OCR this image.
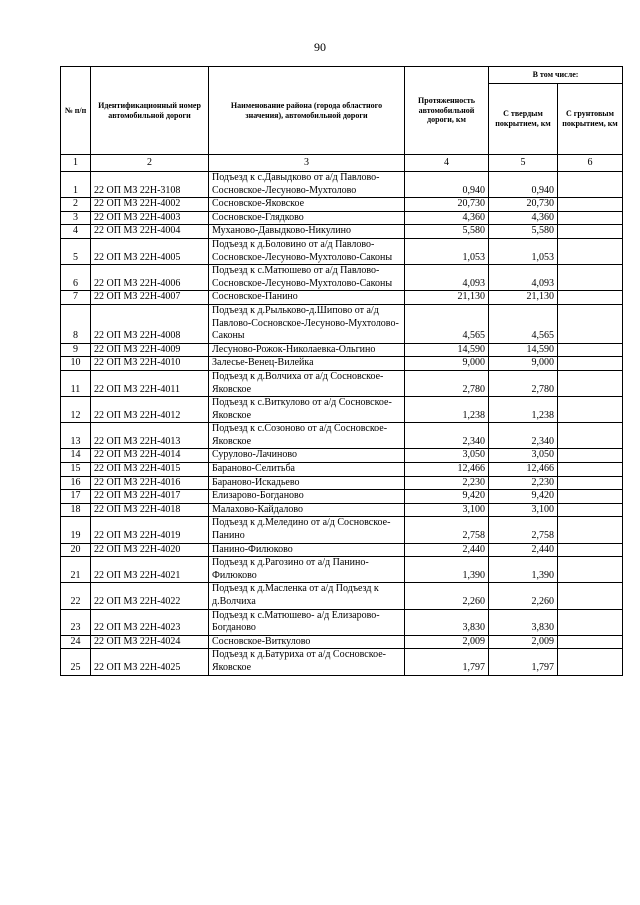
90
№ п/п	Идентификационный номер автомобильной дороги	Наименование района (города областного значения), автомобильной дороги	Протяженность автомобильной дороги, км	В том числе:	
				С твердым покрытием, км	С грунтовым покрытием, км
1	2	3	4	5	6
1	22 ОП МЗ 22Н-3108	Подъезд к с.Давыдково от а/д Павлово-Сосновское-Лесуново-Мухтолово	0,940	0,940	
2	22 ОП МЗ 22Н-4002	Сосновское-Яковское	20,730	20,730	
3	22 ОП МЗ 22Н-4003	Сосновское-Глядково	4,360	4,360	
4	22 ОП МЗ 22Н-4004	Муханово-Давыдково-Никулино	5,580	5,580	
5	22 ОП МЗ 22Н-4005	Подъезд к д.Боловино от а/д Павлово-Сосновское-Лесуново-Мухтолово-Саконы	1,053	1,053	
6	22 ОП МЗ 22Н-4006	Подъезд к с.Матюшево от а/д Павлово-Сосновское-Лесуново-Мухтолово-Саконы	4,093	4,093	
7	22 ОП МЗ 22Н-4007	Сосновское-Панино	21,130	21,130	
8	22 ОП МЗ 22Н-4008	Подъезд к д.Рыльково-д.Шипово от а/д Павлово-Сосновское-Лесуново-Мухтолово-Саконы	4,565	4,565	
9	22 ОП МЗ 22Н-4009	Лесуново-Рожок-Николаевка-Ольгино	14,590	14,590	
10	22 ОП МЗ 22Н-4010	Залесье-Венец-Вилейка	9,000	9,000	
11	22 ОП МЗ 22Н-4011	Подъезд к д.Волчиха от а/д Сосновское-Яковское	2,780	2,780	
12	22 ОП МЗ 22Н-4012	Подъезд к с.Виткулово от а/д Сосновское-Яковское	1,238	1,238	
13	22 ОП МЗ 22Н-4013	Подъезд к с.Созоново от а/д Сосновское-Яковское	2,340	2,340	
14	22 ОП МЗ 22Н-4014	Сурулово-Лачиново	3,050	3,050	
15	22 ОП МЗ 22Н-4015	Бараново-Селитьба	12,466	12,466	
16	22 ОП МЗ 22Н-4016	Бараново-Искадьево	2,230	2,230	
17	22 ОП МЗ 22Н-4017	Елизарово-Богданово	9,420	9,420	
18	22 ОП МЗ 22Н-4018	Малахово-Кайдалово	3,100	3,100	
19	22 ОП МЗ 22Н-4019	Подъезд к д.Меледино от а/д Сосновское-Панино	2,758	2,758	
20	22 ОП МЗ 22Н-4020	Панино-Филюково	2,440	2,440	
21	22 ОП МЗ 22Н-4021	Подъезд к д.Рагозино от а/д Панино-Филюково	1,390	1,390	
22	22 ОП МЗ 22Н-4022	Подъезд к д.Масленка от а/д Подъезд к д.Волчиха	2,260	2,260	
23	22 ОП МЗ 22Н-4023	Подъезд к с.Матюшево- а/д Елизарово-Богданово	3,830	3,830	
24	22 ОП МЗ 22Н-4024	Сосновское-Виткулово	2,009	2,009	
25	22 ОП МЗ 22Н-4025	Подъезд к д.Батуриха от а/д Сосновское-Яковское	1,797	1,797	
